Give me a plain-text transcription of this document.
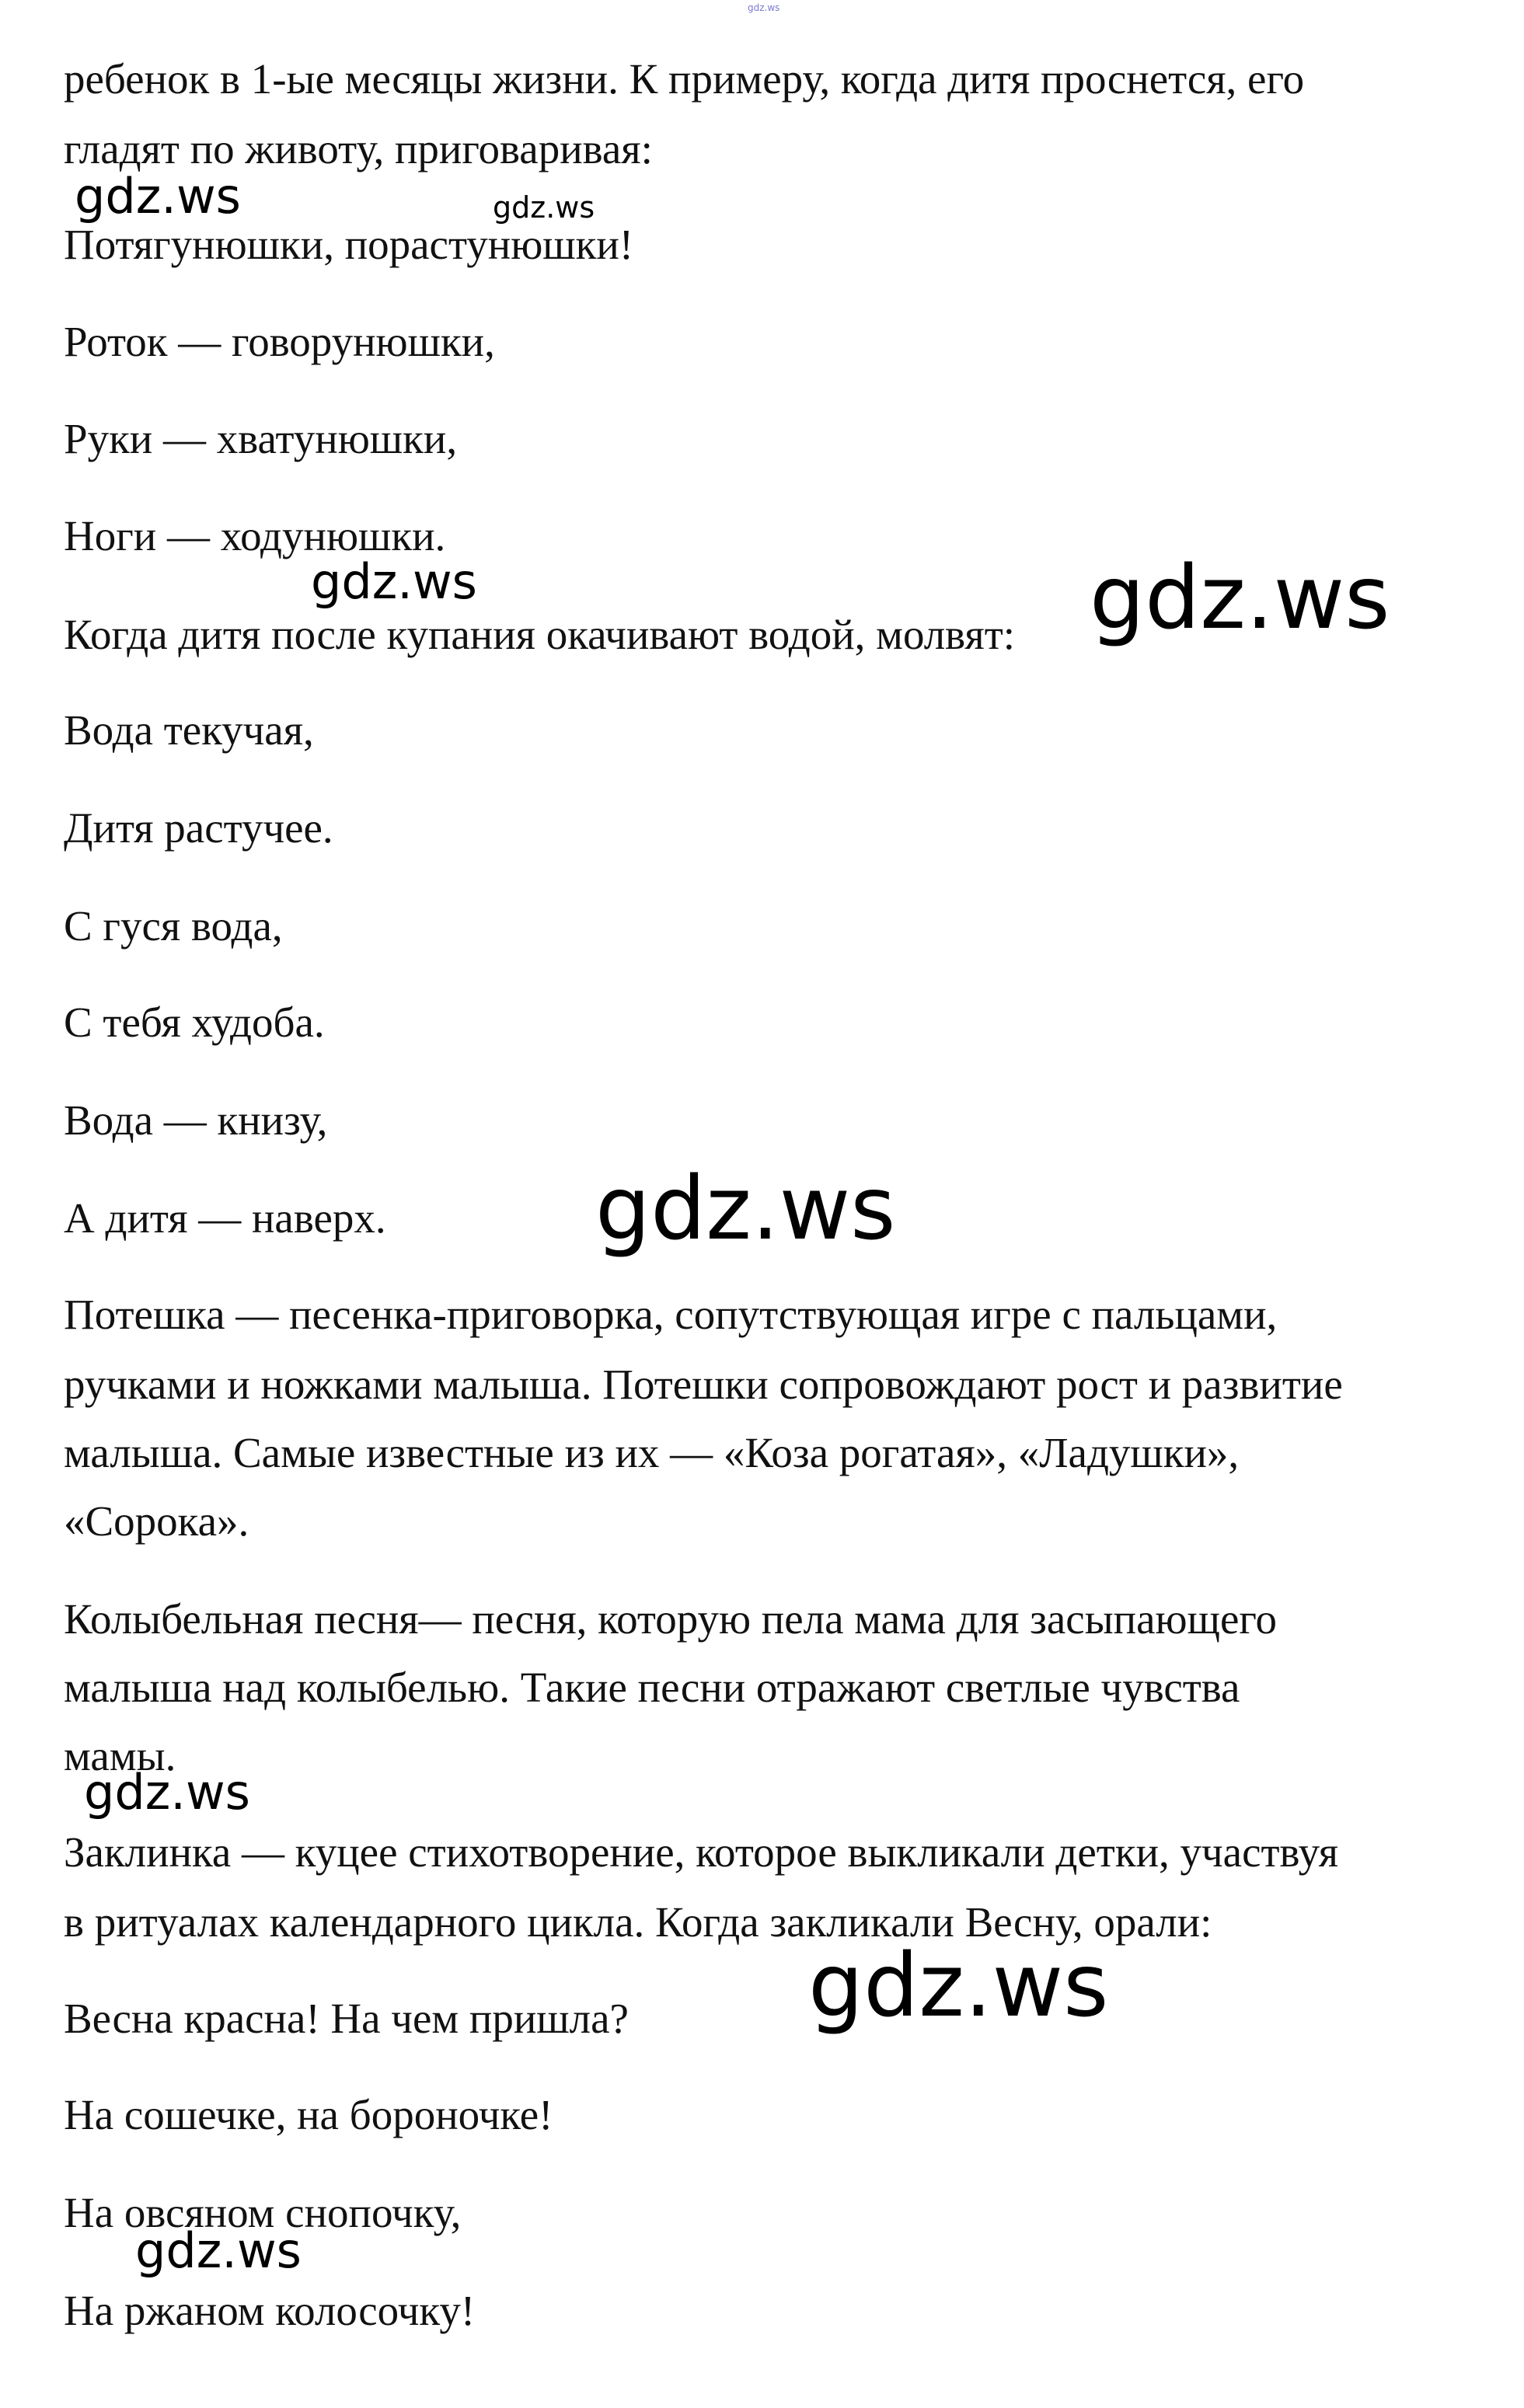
ребенок в 1-ые месяцы жизни. К примеру, когда дитя проснется, его

гладят по животу, приговаривая:

Потягунюшки, порастунюшки!

Роток — говорунюшки,

Руки — хватунюшки,

Ноги — ходунюшки.

Когда дитя после купания окачивают водой, молвят:

Вода текучая,

Дитя растучее.

С гуся вода,

С тебя худоба.

Вода — книзу,

А дитя — наверх.

Потешка — песенка-приговорка, сопутствующая игре с пальцами,

ручками и ножками малыша. Потешки сопровождают рост и развитие

малыша. Самые известные из их — «Коза рогатая», «Ладушки»,

«Сорока».

Колыбельная песня— песня, которую пела мама для засыпающего

малыша над колыбелью. Такие песни отражают светлые чувства

мамы.

Заклинка — куцее стихотворение, которое выкликали детки, участвуя

в ритуалах календарного цикла. Когда закликали Весну, орали:

Весна красна! На чем пришла?

На сошечке, на бороночке!

На овсяном снопочку,

На ржаном колосочку!

gdz.ws
gdz.ws	gdz.ws
gdz.ws	gdz.ws
gdz.ws
gdz.ws
gdz.ws
gdz.ws
